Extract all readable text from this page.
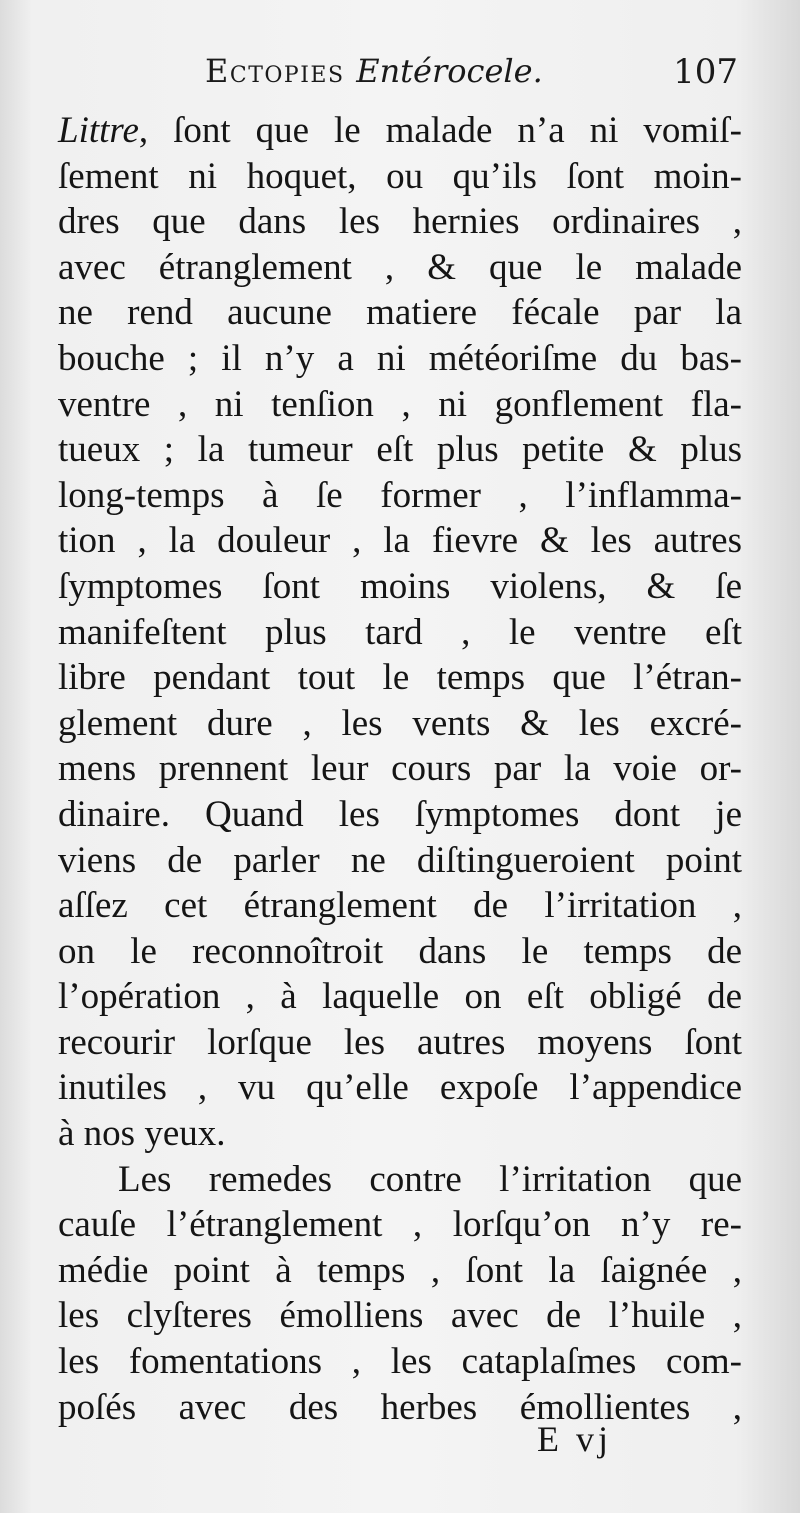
Ectopies Entérocele.	107
Littre, ſont que le malade n’a ni vomiſ-
ſement ni hoquet, ou qu’ils ſont moin-
dres que dans les hernies ordinaires ,
avec étranglement , & que le malade
ne rend aucune matiere fécale par la
bouche ; il n’y a ni météoriſme du bas-
ventre , ni tenſion , ni gonflement fla-
tueux ; la tumeur eſt plus petite & plus
long-temps à ſe former , l’inflamma-
tion , la douleur , la fievre & les autres
ſymptomes ſont moins violens, & ſe
manifeſtent plus tard , le ventre eſt
libre pendant tout le temps que l’étran-
glement dure , les vents & les excré-
mens prennent leur cours par la voie or-
dinaire. Quand les ſymptomes dont je
viens de parler ne diſtingueroient point
aſſez cet étranglement de l’irritation ,
on le reconnoîtroit dans le temps de
l’opération , à laquelle on eſt obligé de
recourir lorſque les autres moyens ſont
inutiles , vu qu’elle expoſe l’appendice
à nos yeux.
Les remedes contre l’irritation que
cauſe l’étranglement , lorſqu’on n’y re-
médie point à temps , ſont la ſaignée ,
les clyſteres émolliens avec de l’huile ,
les fomentations , les cataplaſmes com-
poſés avec des herbes émollientes ,
E vj
